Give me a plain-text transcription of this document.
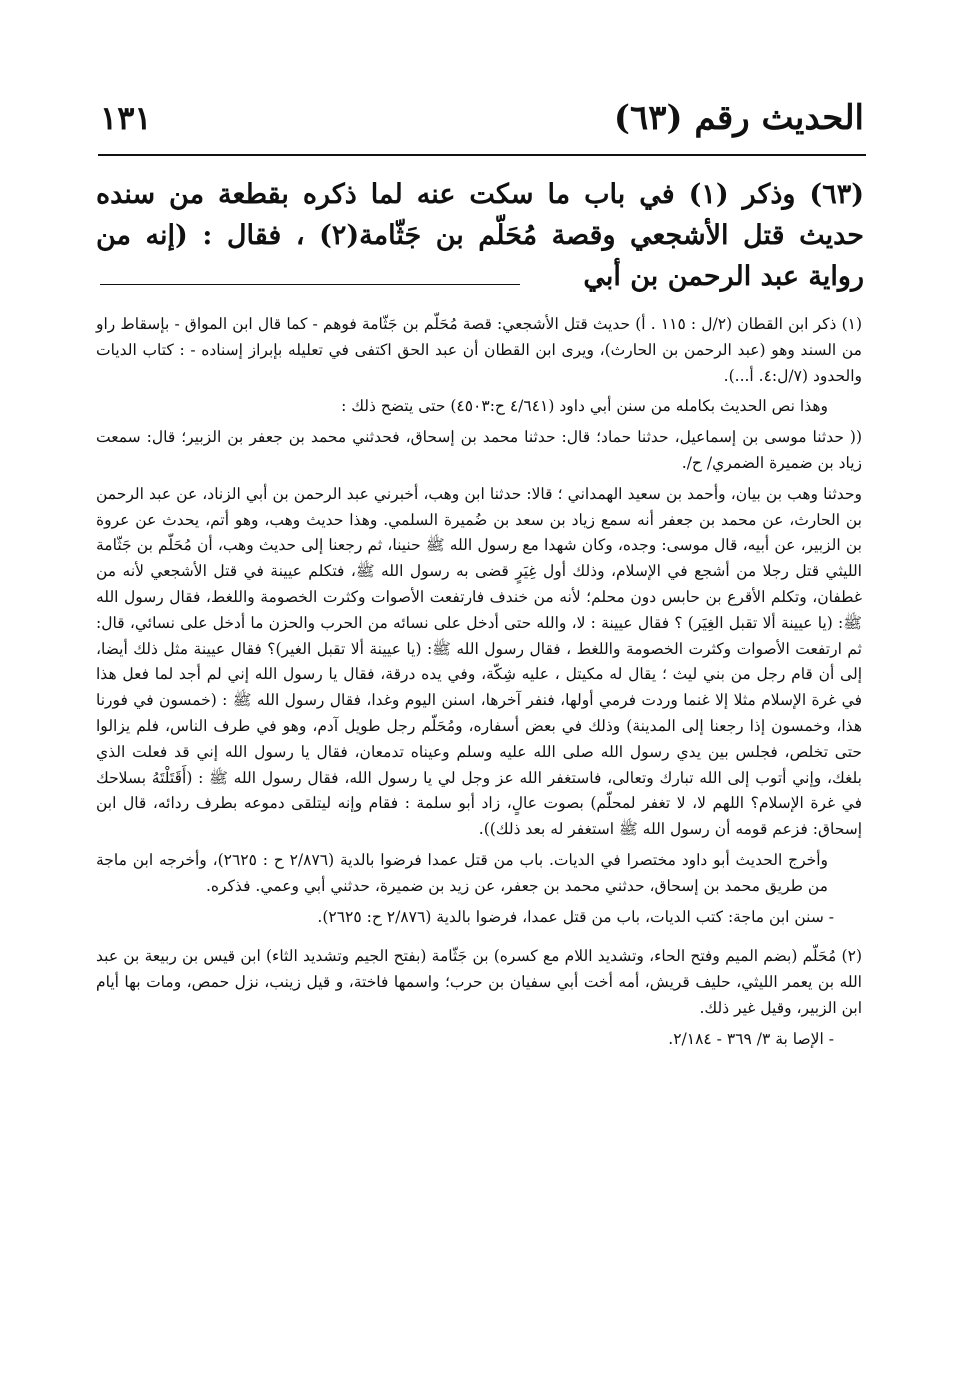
الحديث رقم (٦٣)
١٣١

(٦٣) وذكر (١) في باب ما سكت عنه لما ذكره بقطعة من سنده حديث قتل الأشجعي وقصة مُحَلّم بن جَثّامة(٢) ، فقال : (إنه من رواية عبد الرحمن بن أبي

(١) ذكر ابن القطان (٢/ل : ١١٥ . أ) حديث قتل الأشجعي: قصة مُحَلّم بن جَثّامة فوهم - كما قال ابن المواق - بإسقاط راو من السند وهو (عبد الرحمن بن الحارث)، ويرى ابن القطان أن عبد الحق اكتفى في تعليله بإبراز إسناده - : كتاب الديات والحدود (٧/ل:٤. أ...).

وهذا نص الحديث بكامله من سنن أبي داود (٤/٦٤١ ح:٤٥٠٣) حتى يتضح ذلك :

(( حدثنا موسى بن إسماعيل، حدثنا حماد؛ قال: حدثنا محمد بن إسحاق، فحدثني محمد بن جعفر بن الزبير؛ قال: سمعت زياد بن ضميرة الضمري/ ح/.

وحدثنا وهب بن بيان، وأحمد بن سعيد الهمداني ؛ قالا: حدثنا ابن وهب، أخبرني عبد الرحمن بن أبي الزناد، عن عبد الرحمن بن الحارث، عن محمد بن جعفر أنه سمع زياد بن سعد بن ضُميرة السلمي. وهذا حديث وهب، وهو أتم، يحدث عن عروة بن الزبير، عن أبيه، قال موسى: وجده، وكان شهدا مع رسول الله ﷺ حنينا، ثم رجعنا إلى حديث وهب، أن مُحَلّم بن جَثّامة الليثي قتل رجلا من أشجع في الإسلام، وذلك أول غِيَرٍ قضى به رسول الله ﷺ، فتكلم عيينة في قتل الأشجعي لأنه من غطفان، وتكلم الأقرع بن حابس دون محلم؛ لأنه من خندف فارتفعت الأصوات وكثرت الخصومة واللغط، فقال رسول الله ﷺ: (يا عيينة ألا تقبل الغِيَر) ؟ فقال عيينة : لا، والله حتى أدخل على نسائه من الحرب والحزن ما أدخل على نسائي، قال: ثم ارتفعت الأصوات وكثرت الخصومة واللغط ، فقال رسول الله ﷺ: (يا عيينة ألا تقبل الغير)؟ فقال عيينة مثل ذلك أيضا، إلى أن قام رجل من بني ليث ؛ يقال له مكيتل ، عليه شِكّة، وفي يده درقة، فقال يا رسول الله إني لم أجد لما فعل هذا في غرة الإسلام مثلا إلا غنما وردت فرمي أولها، فنفر آخرها، اسنن اليوم وغدا، فقال رسول الله ﷺ : (خمسون في فورنا هذا، وخمسون إذا رجعنا إلى المدينة) وذلك في بعض أسفاره، ومُحَلّم رجل طويل آدم، وهو في طرف الناس، فلم يزالوا حتى تخلص، فجلس بين يدي رسول الله صلى الله عليه وسلم وعيناه تدمعان، فقال يا رسول الله إني قد فعلت الذي بلغك، وإني أتوب إلى الله تبارك وتعالى، فاستغفر الله عز وجل لي يا رسول الله، فقال رسول الله ﷺ : (أَقَتَلْتَهُ بسلاحك في غرة الإسلام؟ اللهم لا، لا تغفر لمحلّم) بصوت عالٍ، زاد أبو سلمة : فقام وإنه ليتلقى دموعه بطرف ردائه، قال ابن إسحاق: فزعم قومه أن رسول الله ﷺ استغفر له بعد ذلك)).

وأخرج الحديث أبو داود مختصرا في الديات. باب من قتل عمدا فرضوا بالدية (٢/٨٧٦ ح : ٢٦٢٥)، وأخرجه ابن ماجة من طريق محمد بن إسحاق، حدثني محمد بن جعفر، عن زيد بن ضميرة، حدثني أبي وعمي. فذكره.

- سنن ابن ماجة: كتب الديات، باب من قتل عمدا، فرضوا بالدية (٢/٨٧٦ ح: ٢٦٢٥).

(٢) مُحَلّم (بضم الميم وفتح الحاء، وتشديد اللام مع كسره) بن جَثّامة (بفتح الجيم وتشديد الثاء) ابن قيس بن ربيعة بن عبد الله بن يعمر الليثي، حليف قريش، أمه أخت أبي سفيان بن حرب؛ واسمها فاختة، و قيل زينب، نزل حمص، ومات بها أيام ابن الزبير، وقيل غير ذلك.

- الإصا بة ٣/ ٣٦٩ - ٢/١٨٤.
